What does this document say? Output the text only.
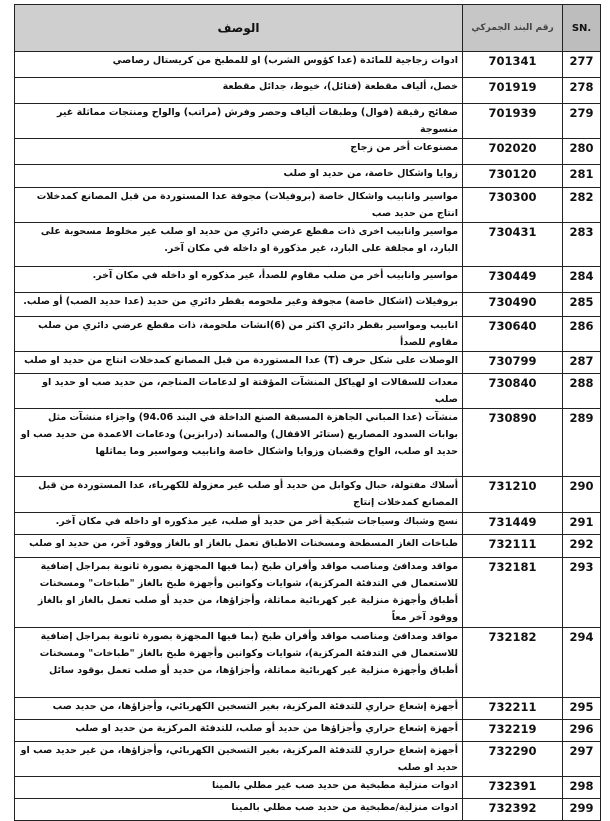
الوصف	رقم البند الجمركي	SN.
ادوات زجاجية للمائدة (عدا كؤوس الشرب) او للمطبخ من كريستال رصاصي	701341	277
خصل، ألياف مقطعة (فتائل)، خيوط، جدائل مقطعة	701919	278
صفائح رقيقة (فوال) وطبقات ألياف وحصر وفرش (مراتب) والواح ومنتجات مماثلة غير منسوجة	701939	279
مصنوعات أخر من زجاج	702020	280
زوايا واشكال خاصة، من حديد او صلب	730120	281
مواسير وانابيب واشكال خاصة (بروفيلات) مجوفة عدا المستوردة من قبل المصانع كمدخلات انتاج من حديد صب	730300	282
مواسير وانابيب اخرى ذات مقطع عرضي دائري من حديد او صلب غير مخلوط مسحوبة على البارد، او مجلفة على البارد، غير مذكورة او داخله في مكان آخر.	730431	283
مواسير وانابيب أخر من صلب مقاوم للصدأ، غير مذكوره او داخله في مكان آخر.	730449	284
بروفيلات (اشكال خاصة) مجوفة وغير ملحومه بقطر دائري من حديد (عدا حديد الصب) أو صلب.	730490	285
انابيب ومواسير بقطر دائري اكثر من (6)انشات ملحومة، ذات مقطع عرضي دائري من صلب مقاوم للصدأ	730640	286
الوصلات على شكل حرف (T) عدا المستوردة من قبل المصانع كمدخلات انتاج من حديد او صلب	730799	287
معدات للسقالات او لهياكل المنشآت المؤقتة او لدعامات المناجم، من حديد صب او حديد او صلب	730840	288
منشآت (عدا المباني الجاهزة المسبقة الصنع الداخلة في البند 94.06) واجزاء منشآت مثل بوابات السدود المصاريع (ستائر الاقفال) والمساند (درابزين) ودعامات الاعمدة من حديد صب او حديد او صلب، الواح وقضبان وزوايا واشكال خاصة وانابيب ومواسير وما يماثلها	730890	289
أسلاك مفتولة، حبال وكوابل من حديد أو صلب غير معزولة للكهرباء، عدا المستوردة من قبل المصانع كمدخلات إنتاج	731210	290
نسج وشباك وسياجات شبكية أخر من حديد أو صلب، غير مذكوره او داخله في مكان آخر.	731449	291
طباخات الغاز المسطحة ومسخنات الاطباق تعمل بالغاز او بالغاز ووقود آخر، من حديد او صلب	732111	292
مواقد ومدافئ ومناصب مواقد وأفران طبخ (بما فيها المجهزة بصورة ثانوية بمراجل إضافية للاستعمال في التدفئة المركزية)، شوايات وكوانين وأجهزة طبخ بالغاز "طباخات" ومسخنات أطباق وأجهزة منزلية غير كهربائية مماثلة، وأجزاؤها، من حديد أو صلب تعمل بالغاز او بالغاز ووقود آخر معاً	732181	293
مواقد ومدافئ ومناصب مواقد وأفران طبخ (بما فيها المجهزة بصورة ثانوية بمراجل إضافية للاستعمال في التدفئة المركزية)، شوايات وكوانين وأجهزة طبخ بالغاز "طباخات" ومسخنات أطباق وأجهزة منزلية غير كهربائية مماثلة، وأجزاؤها، من حديد أو صلب تعمل بوقود سائل	732182	294
أجهزة إشعاع حراري للتدفئة المركزية، بغير التسخين الكهربائي، وأجزاؤها، من حديد صب	732211	295
أجهزة إشعاع حراري وأجزاؤها من حديد أو صلب، للتدفئة المركزية من حديد او صلب	732219	296
أجهزة إشعاع حراري للتدفئة المركزية، بغير التسخين الكهربائي، وأجزاؤها، من غير حديد صب او حديد او صلب	732290	297
ادوات منزلية مطبخية من حديد صب غير مطلي بالمينا	732391	298
ادوات منزلية/مطبخية من حديد صب مطلي بالمينا	732392	299
